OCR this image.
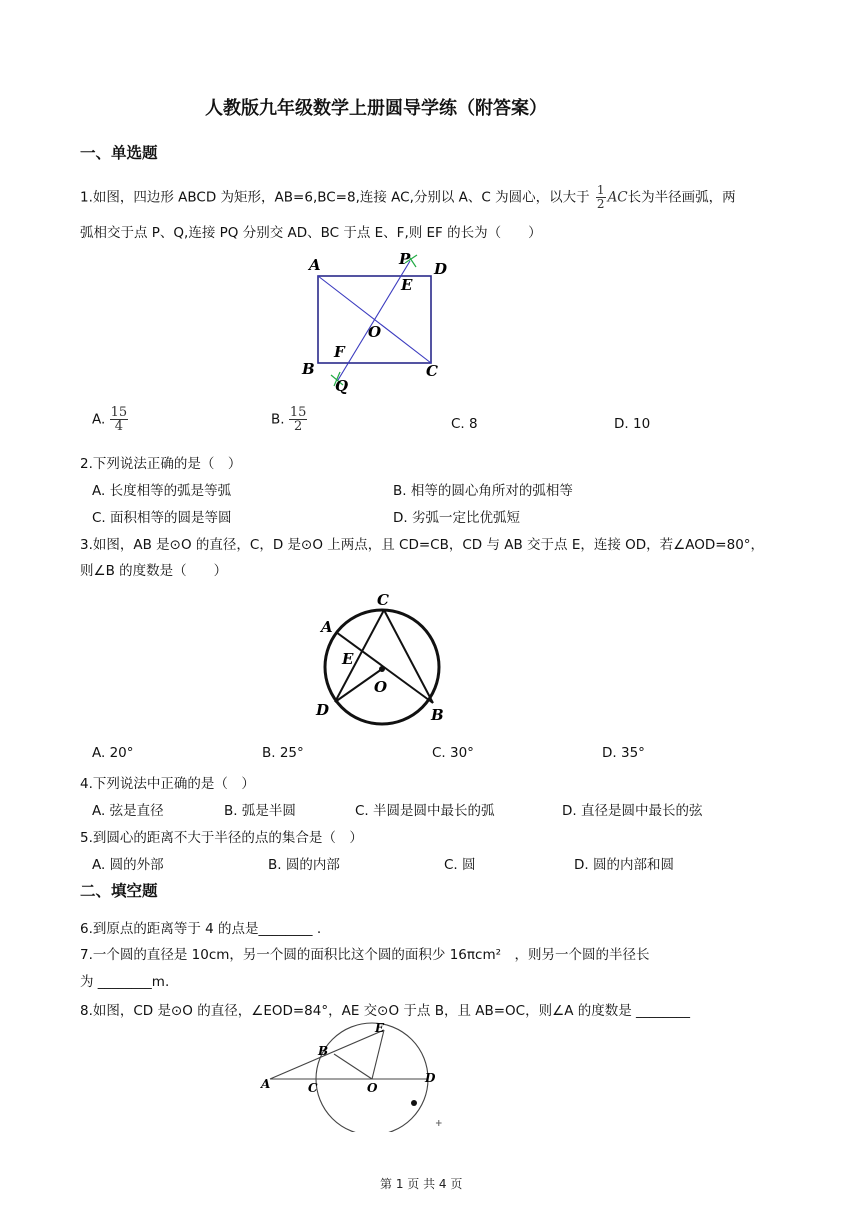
人教版九年级数学上册圆导学练（附答案）
一、单选题
1.如图，四边形 ABCD 为矩形，AB=6,BC=8,连接 AC,分别以 A、C 为圆心，以大于 $\frac{1}{2}$ AC长为半径画弧，两
弧相交于点 P、Q,连接 PQ 分别交 AD、BC 于点 E、F,则 EF 的长为（　　）
A	P
D
E
O
F
B	C
Q
A. $\frac{15}{4}$	B. $\frac{15}{2}$	C. 8	D. 10
2.下列说法正确的是（　）
A. 长度相等的弧是等弧	B. 相等的圆心角所对的弧相等
C. 面积相等的圆是等圆	D. 劣弧一定比优弧短
3.如图，AB 是⊙O 的直径，C，D 是⊙O 上两点，且 CD=CB，CD 与 AB 交于点 E，连接 OD，若∠AOD=80°，
则∠B 的度数是（　　）
C
A
E
O
D	B
A. 20°	B. 25°	C. 30°	D. 35°
4.下列说法中正确的是（　）
A. 弦是直径	B. 弧是半圆	C. 半圆是圆中最长的弧	D. 直径是圆中最长的弦
5.到圆心的距离不大于半径的点的集合是（　）
A. 圆的外部	B. 圆的内部	C. 圆	D. 圆的内部和圆
二、填空题
6.到原点的距离等于 4 的点是________ .
7.一个圆的直径是 10cm，另一个圆的面积比这个圆的面积少 16πcm²　，则另一个圆的半径长
为 ________m.
8.如图，CD 是⊙O 的直径，∠EOD=84°，AE 交⊙O 于点 B，且 AB=OC，则∠A 的度数是 ________
E
B
A	C	O
D
+
第 1 页 共 4 页
